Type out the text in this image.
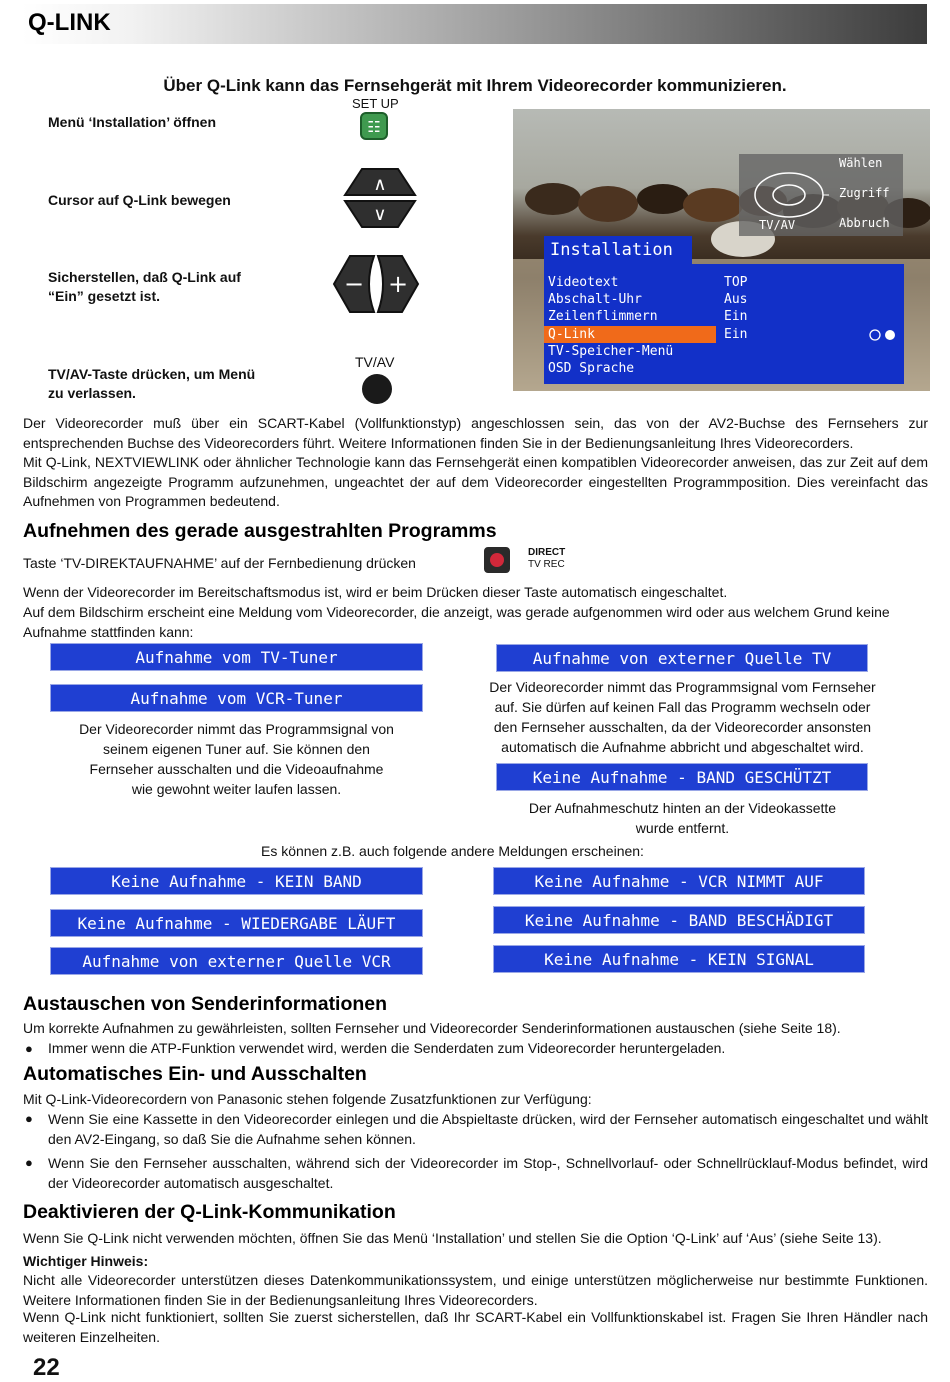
Q-LINK
Über Q-Link kann das Fernsehgerät mit Ihrem Videorecorder kommunizieren.
Menü ‘Installation’ öffnen
Cursor auf Q-Link bewegen
Sicherstellen, daß Q-Link auf
“Ein” gesetzt ist.
TV/AV-Taste drücken, um Menü
zu verlassen.
SET UP
☷
∧
∨
− +
TV/AV
Wählen
Zugriff
Abbruch
TV/AV
Installation
Videotext
Abschalt-Uhr
Zeilenflimmern
Q-Link
TV-Speicher-Menü
OSD Sprache
TOP
Aus
Ein
Ein
Der Videorecorder muß über ein SCART-Kabel (Vollfunktionstyp) angeschlossen sein, das von der AV2-Buchse des Fernsehers zur entsprechenden Buchse des Videorecorders führt. Weitere Informationen finden Sie in der Bedienungsanleitung Ihres Videorecorders.
Mit Q-Link, NEXTVIEWLINK oder ähnlicher Technologie kann das Fernsehgerät einen kompatiblen Videorecorder anweisen, das zur Zeit auf dem Bildschirm angezeigte Programm aufzunehmen, ungeachtet der auf dem Videorecorder eingestellten Programmposition. Dies vereinfacht das Aufnehmen von Programmen bedeutend.
Aufnehmen des gerade ausgestrahlten Programms
Taste ‘TV-DIREKTAUFNAHME’ auf der Fernbedienung drücken
DIRECT
TV REC
Wenn der Videorecorder im Bereitschaftsmodus ist, wird er beim Drücken dieser Taste automatisch eingeschaltet.
Auf dem Bildschirm erscheint eine Meldung vom Videorecorder, die anzeigt, was gerade aufgenommen wird oder aus welchem Grund keine Aufnahme stattfinden kann:
Aufnahme vom TV-Tuner
Aufnahme vom VCR-Tuner
Der Videorecorder nimmt das Programmsignal von
seinem eigenen Tuner auf. Sie können den
Fernseher ausschalten und die Videoaufnahme
wie gewohnt weiter laufen lassen.
Aufnahme von externer Quelle TV
Der Videorecorder nimmt das Programmsignal vom Fernseher
auf. Sie dürfen auf keinen Fall das Programm wechseln oder
den Fernseher ausschalten, da der Videorecorder ansonsten
automatisch die Aufnahme abbricht und abgeschaltet wird.
Keine Aufnahme - BAND GESCHÜTZT
Der Aufnahmeschutz hinten an der Videokassette
wurde entfernt.
Es können z.B. auch folgende andere Meldungen erscheinen:
Keine Aufnahme - KEIN BAND
Keine Aufnahme - WIEDERGABE LÄUFT
Aufnahme von externer Quelle VCR
Keine Aufnahme - VCR NIMMT AUF
Keine Aufnahme - BAND BESCHÄDIGT
Keine Aufnahme - KEIN SIGNAL
Austauschen von Senderinformationen
Um korrekte Aufnahmen zu gewährleisten, sollten Fernseher und Videorecorder Senderinformationen austauschen (siehe Seite 18).
● Immer wenn die ATP-Funktion verwendet wird, werden die Senderdaten zum Videorecorder heruntergeladen.
Automatisches Ein- und Ausschalten
Mit Q-Link-Videorecordern von Panasonic stehen folgende Zusatzfunktionen zur Verfügung:
● Wenn Sie eine Kassette in den Videorecorder einlegen und die Abspieltaste drücken, wird der Fernseher automatisch eingeschaltet und wählt den AV2-Eingang, so daß Sie die Aufnahme sehen können.
● Wenn Sie den Fernseher ausschalten, während sich der Videorecorder im Stop-, Schnellvorlauf- oder Schnellrücklauf-Modus befindet, wird der Videorecorder automatisch ausgeschaltet.
Deaktivieren der Q-Link-Kommunikation
Wenn Sie Q-Link nicht verwenden möchten, öffnen Sie das Menü ‘Installation’ und stellen Sie die Option ‘Q-Link’ auf ‘Aus’ (siehe Seite 13).
Wichtiger Hinweis:
Nicht alle Videorecorder unterstützen dieses Datenkommunikationssystem, und einige unterstützen möglicherweise nur bestimmte Funktionen. Weitere Informationen finden Sie in der Bedienungsanleitung Ihres Videorecorders.
Wenn Q-Link nicht funktioniert, sollten Sie zuerst sicherstellen, daß Ihr SCART-Kabel ein Vollfunktionskabel ist. Fragen Sie Ihren Händler nach weiteren Einzelheiten.
22
